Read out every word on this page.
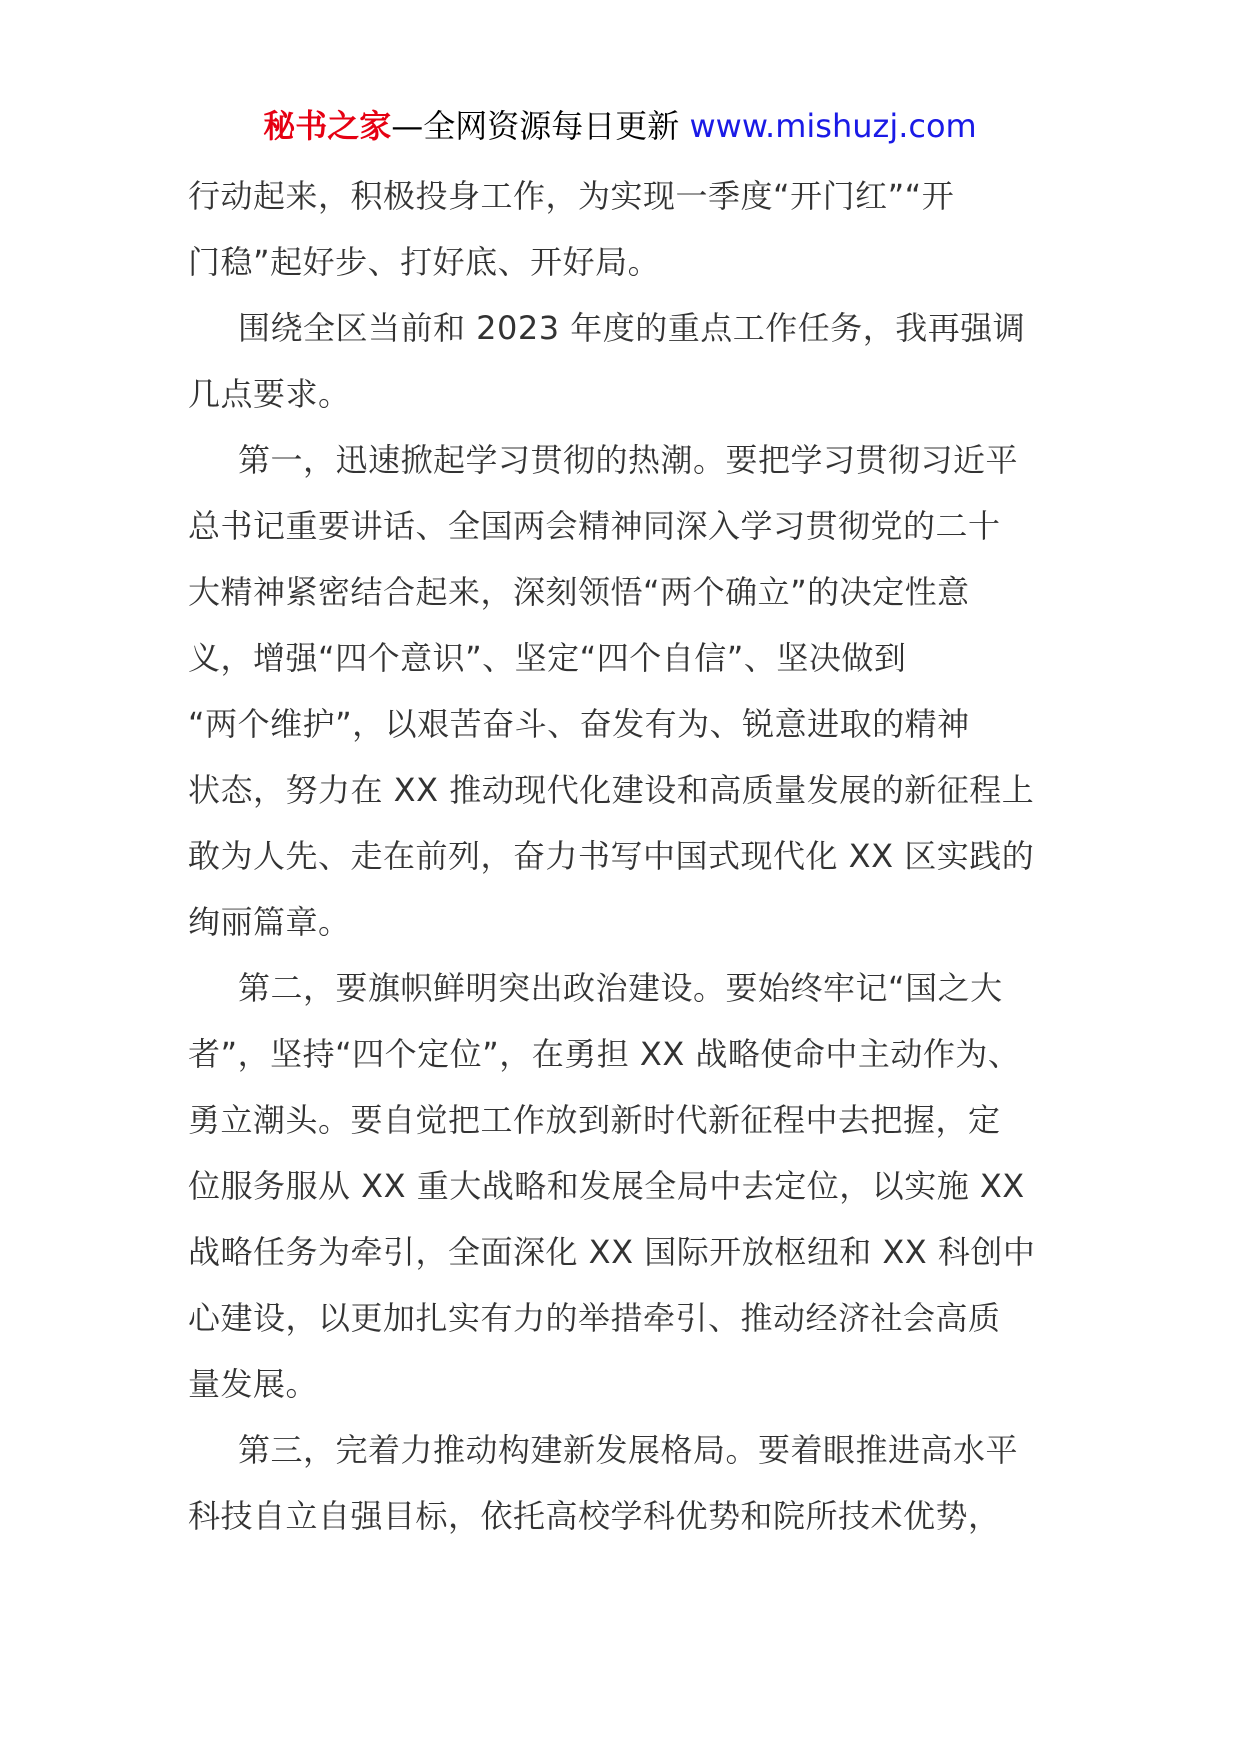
秘书之家—全网资源每日更新 www.mishuzj.com
行动起来，积极投身工作，为实现一季度“开门红”“开
门稳”起好步、打好底、开好局。
围绕全区当前和 2023 年度的重点工作任务，我再强调
几点要求。
第一，迅速掀起学习贯彻的热潮。要把学习贯彻习近平
总书记重要讲话、全国两会精神同深入学习贯彻党的二十
大精神紧密结合起来，深刻领悟“两个确立”的决定性意
义，增强“四个意识”、坚定“四个自信”、坚决做到
“两个维护”，以艰苦奋斗、奋发有为、锐意进取的精神
状态，努力在 XX 推动现代化建设和高质量发展的新征程上
敢为人先、走在前列，奋力书写中国式现代化 XX 区实践的
绚丽篇章。
第二，要旗帜鲜明突出政治建设。要始终牢记“国之大
者”，坚持“四个定位”，在勇担 XX 战略使命中主动作为、
勇立潮头。要自觉把工作放到新时代新征程中去把握，定
位服务服从 XX 重大战略和发展全局中去定位，以实施 XX
战略任务为牵引，全面深化 XX 国际开放枢纽和 XX 科创中
心建设，以更加扎实有力的举措牵引、推动经济社会高质
量发展。
第三，完着力推动构建新发展格局。要着眼推进高水平
科技自立自强目标，依托高校学科优势和院所技术优势，
